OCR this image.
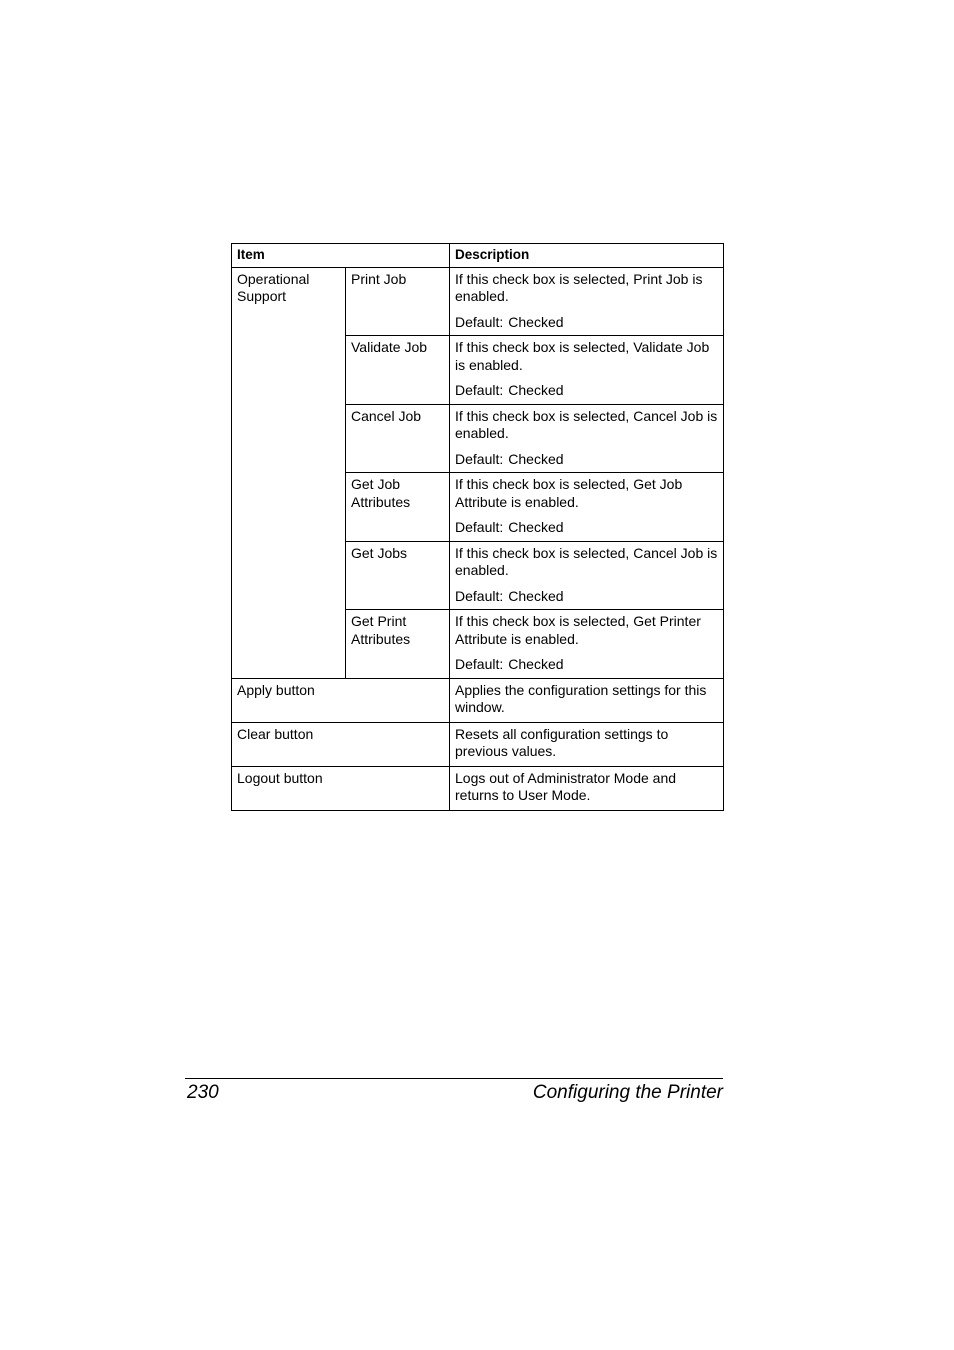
Item		Description
Operational Support	Print Job	If this check box is selected, Print Job is enabled.
Default: Checked

	Validate Job	If this check box is selected, Validate Job is enabled.
Default: Checked

	Cancel Job	If this check box is selected, Cancel Job is enabled.
Default: Checked

	Get Job Attributes	If this check box is selected, Get Job Attribute is enabled.
Default: Checked

	Get Jobs	If this check box is selected, Cancel Job is enabled.
Default: Checked

	Get Print Attributes	If this check box is selected, Get Printer Attribute is enabled.
Default: Checked

Apply button		Applies the configuration settings for this window.
Clear button		Resets all configuration settings to previous values.
Logout button		Logs out of Administrator Mode and returns to User Mode.
230	Configuring the Printer
